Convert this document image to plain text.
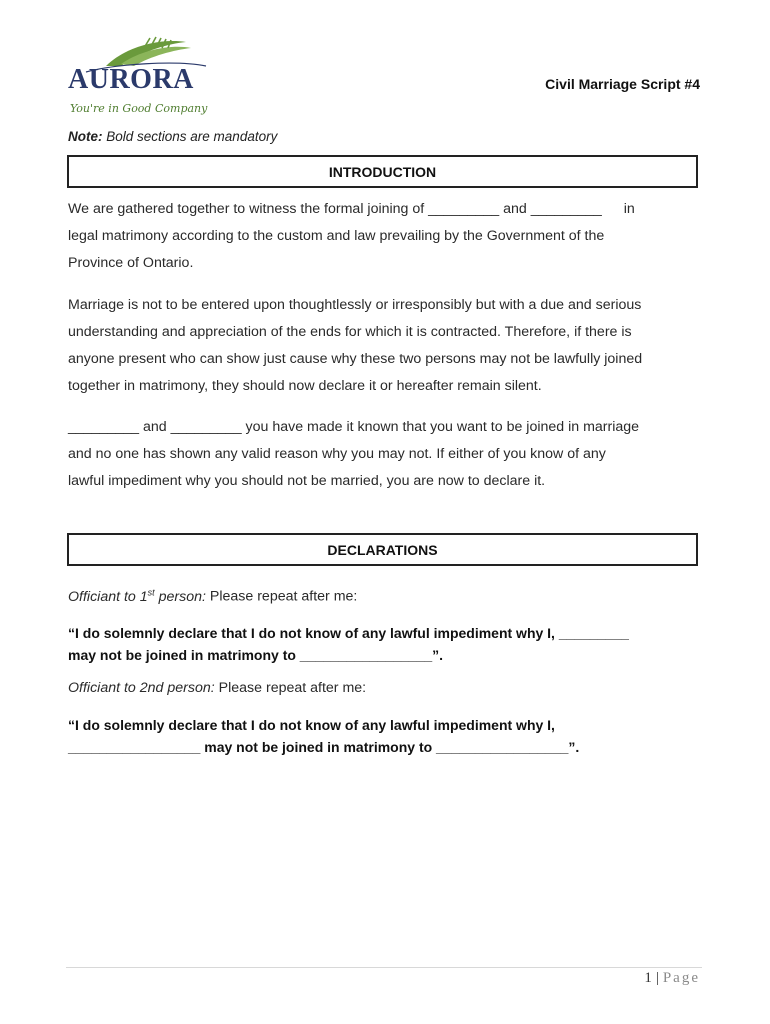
AURORA
You're in Good Company
Civil Marriage Script #4
Note: Bold sections are mandatory
INTRODUCTION
We are gathered together to witness the formal joining of _________ and _________ in
legal matrimony according to the custom and law prevailing by the Government of the
Province of Ontario.
Marriage is not to be entered upon thoughtlessly or irresponsibly but with a due and serious
understanding and appreciation of the ends for which it is contracted. Therefore, if there is
anyone present who can show just cause why these two persons may not be lawfully joined
together in matrimony, they should now declare it or hereafter remain silent.
_________ and _________ you have made it known that you want to be joined in marriage
and no one has shown any valid reason why you may not. If either of you know of any
lawful impediment why you should not be married, you are now to declare it.
DECLARATIONS
Officiant to 1st person: Please repeat after me:
“I do solemnly declare that I do not know of any lawful impediment why I, _________
may not be joined in matrimony to _________________”.
Officiant to 2nd person: Please repeat after me:
“I do solemnly declare that I do not know of any lawful impediment why I,
_________________ may not be joined in matrimony to _________________”.
1 | Page
